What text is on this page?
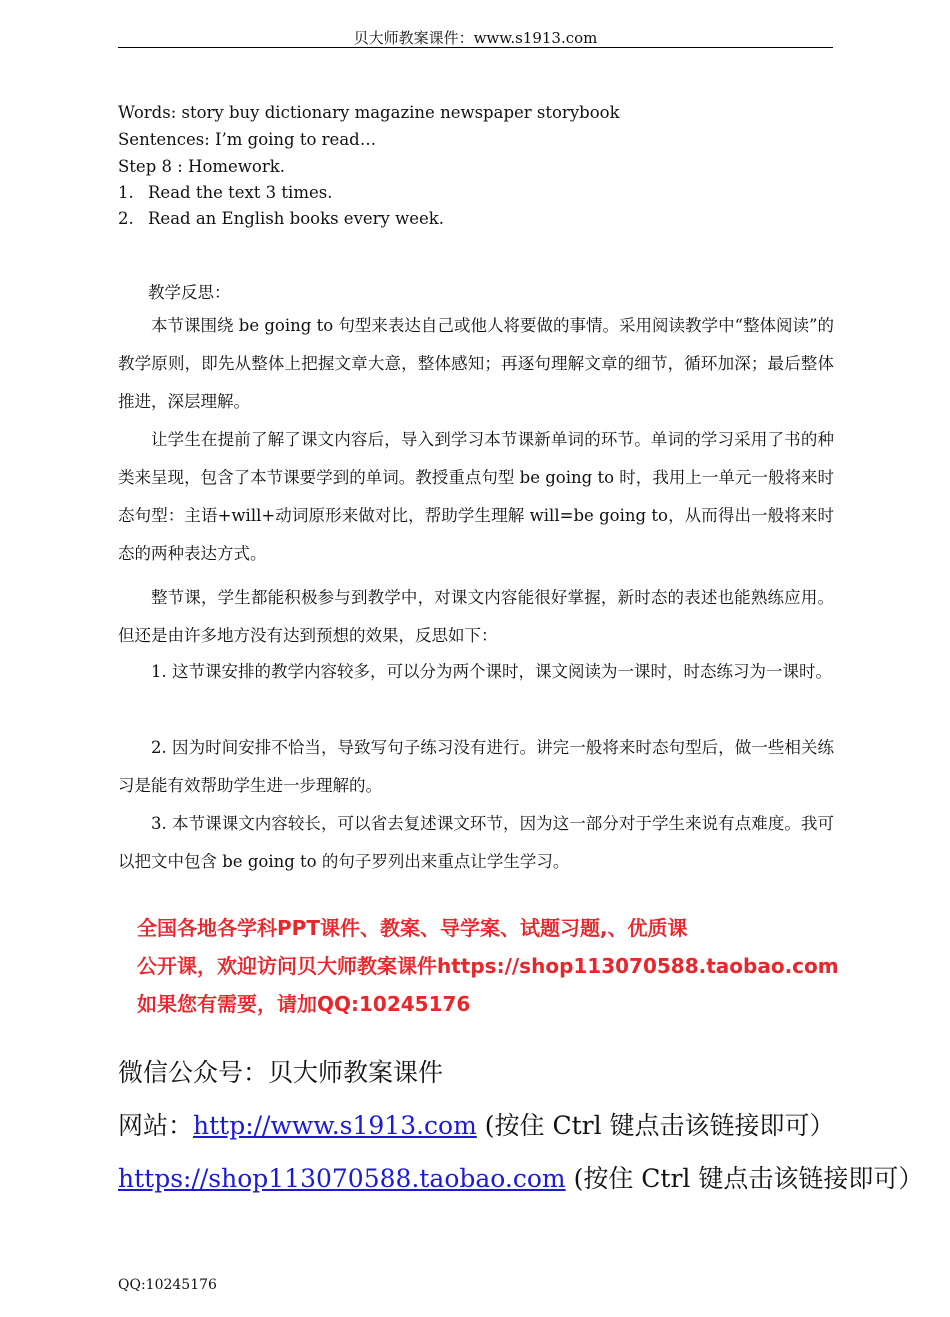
贝大师教案课件：www.s1913.com
Words: story buy dictionary magazine newspaper storybook
Sentences: I’m going to read…
Step 8 : Homework.
1. Read the text 3 times.
2. Read an English books every week.
教学反思：
本节课围绕 be going to 句型来表达自己或他人将要做的事情。采用阅读教学中“整体阅读”的教学原则，即先从整体上把握文章大意，整体感知；再逐句理解文章的细节，循环加深；最后整体推进，深层理解。
让学生在提前了解了课文内容后，导入到学习本节课新单词的环节。单词的学习采用了书的种类来呈现，包含了本节课要学到的单词。教授重点句型 be going to 时，我用上一单元一般将来时态句型：主语+will+动词原形来做对比，帮助学生理解 will=be going to，从而得出一般将来时态的两种表达方式。
整节课，学生都能积极参与到教学中，对课文内容能很好掌握，新时态的表述也能熟练应用。但还是由许多地方没有达到预想的效果，反思如下：
1. 这节课安排的教学内容较多，可以分为两个课时，课文阅读为一课时，时态练习为一课时。
2. 因为时间安排不恰当，导致写句子练习没有进行。讲完一般将来时态句型后，做一些相关练习是能有效帮助学生进一步理解的。
3. 本节课课文内容较长，可以省去复述课文环节，因为这一部分对于学生来说有点难度。我可以把文中包含 be going to 的句子罗列出来重点让学生学习。
全国各地各学科PPT课件、教案、导学案、试题习题,、优质课
公开课，欢迎访问贝大师教案课件https://shop113070588.taobao.com
如果您有需要，请加QQ:10245176
微信公众号：贝大师教案课件
网站：http://www.s1913.com (按住 Ctrl 键点击该链接即可）
https://shop113070588.taobao.com (按住 Ctrl 键点击该链接即可）
QQ:10245176
